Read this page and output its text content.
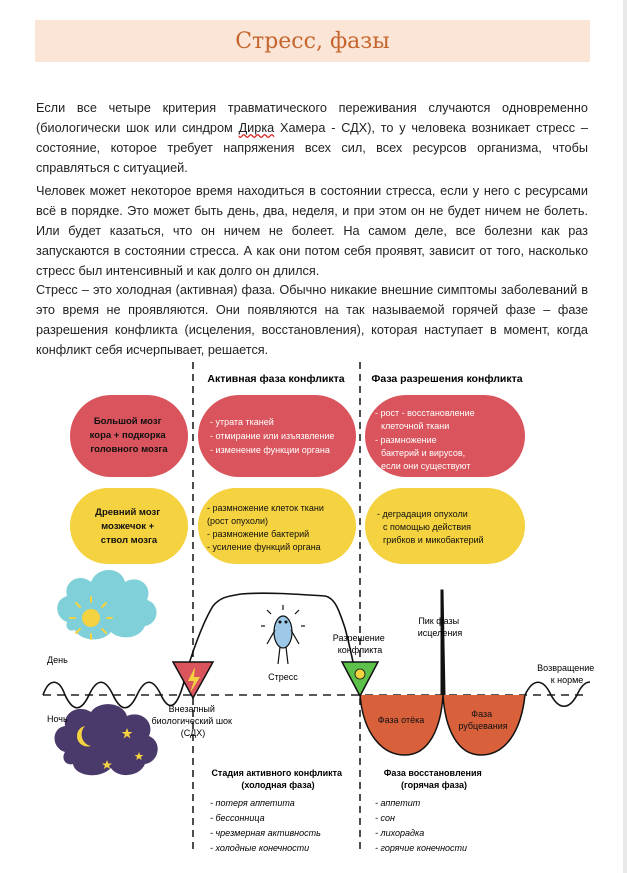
Стресс, фазы
Если все четыре критерия травматического переживания случаются одновременно (биологически шок или синдром Дирка Хамера - СДХ), то у человека возникает стресс – состояние, которое требует напряжения всех сил, всех ресурсов организма, чтобы справляться с ситуацией.
Человек может некоторое время находиться в состоянии стресса, если у него с ресурсами всё в порядке. Это может быть день, два, неделя, и при этом он не будет ничем не болеть. Или будет казаться, что он ничем не болеет. На самом деле, все болезни как раз запускаются в состоянии стресса. А как они потом себя проявят, зависит от того, насколько стресс был интенсивный и как долго он длился.
Стресс – это холодная (активная) фаза. Обычно никакие внешние симптомы заболеваний в это время не проявляются. Они появляются на так называемой горячей фазе – фазе разрешения конфликта (исцеления, восстановления), которая наступает в момент, когда конфликт себя исчерпывает, решается.
Активная фаза конфликта	Фаза разрешения конфликта
Большой мозг кора + подкорка головного мозга
- утрата тканей - отмирание или изъязвление - изменение функции органа
- рост - восстановление клеточной ткани - размножение бактерий и вирусов, если они существуют
Древний мозг мозжечок + ствол мозга
- размножение клеток ткани (рост опухоли) - размножение бактерий - усиление функций органа
- деградация опухоли с помощью действия грибков и микобактерий
День
Ночь
Стресс
Внезапный биологический шок (СДХ)
Разрешение конфликта
Пик фазы исцеления
Возвращение к норме
Фаза отёка
Фаза рубцевания
Стадия активного конфликта (холодная фаза)
- потеря аппетита - бессонница - чрезмерная активность - холодные конечности
Фаза восстановления (горячая фаза)
- аппетит - сон - лихорадка - горячие конечности
